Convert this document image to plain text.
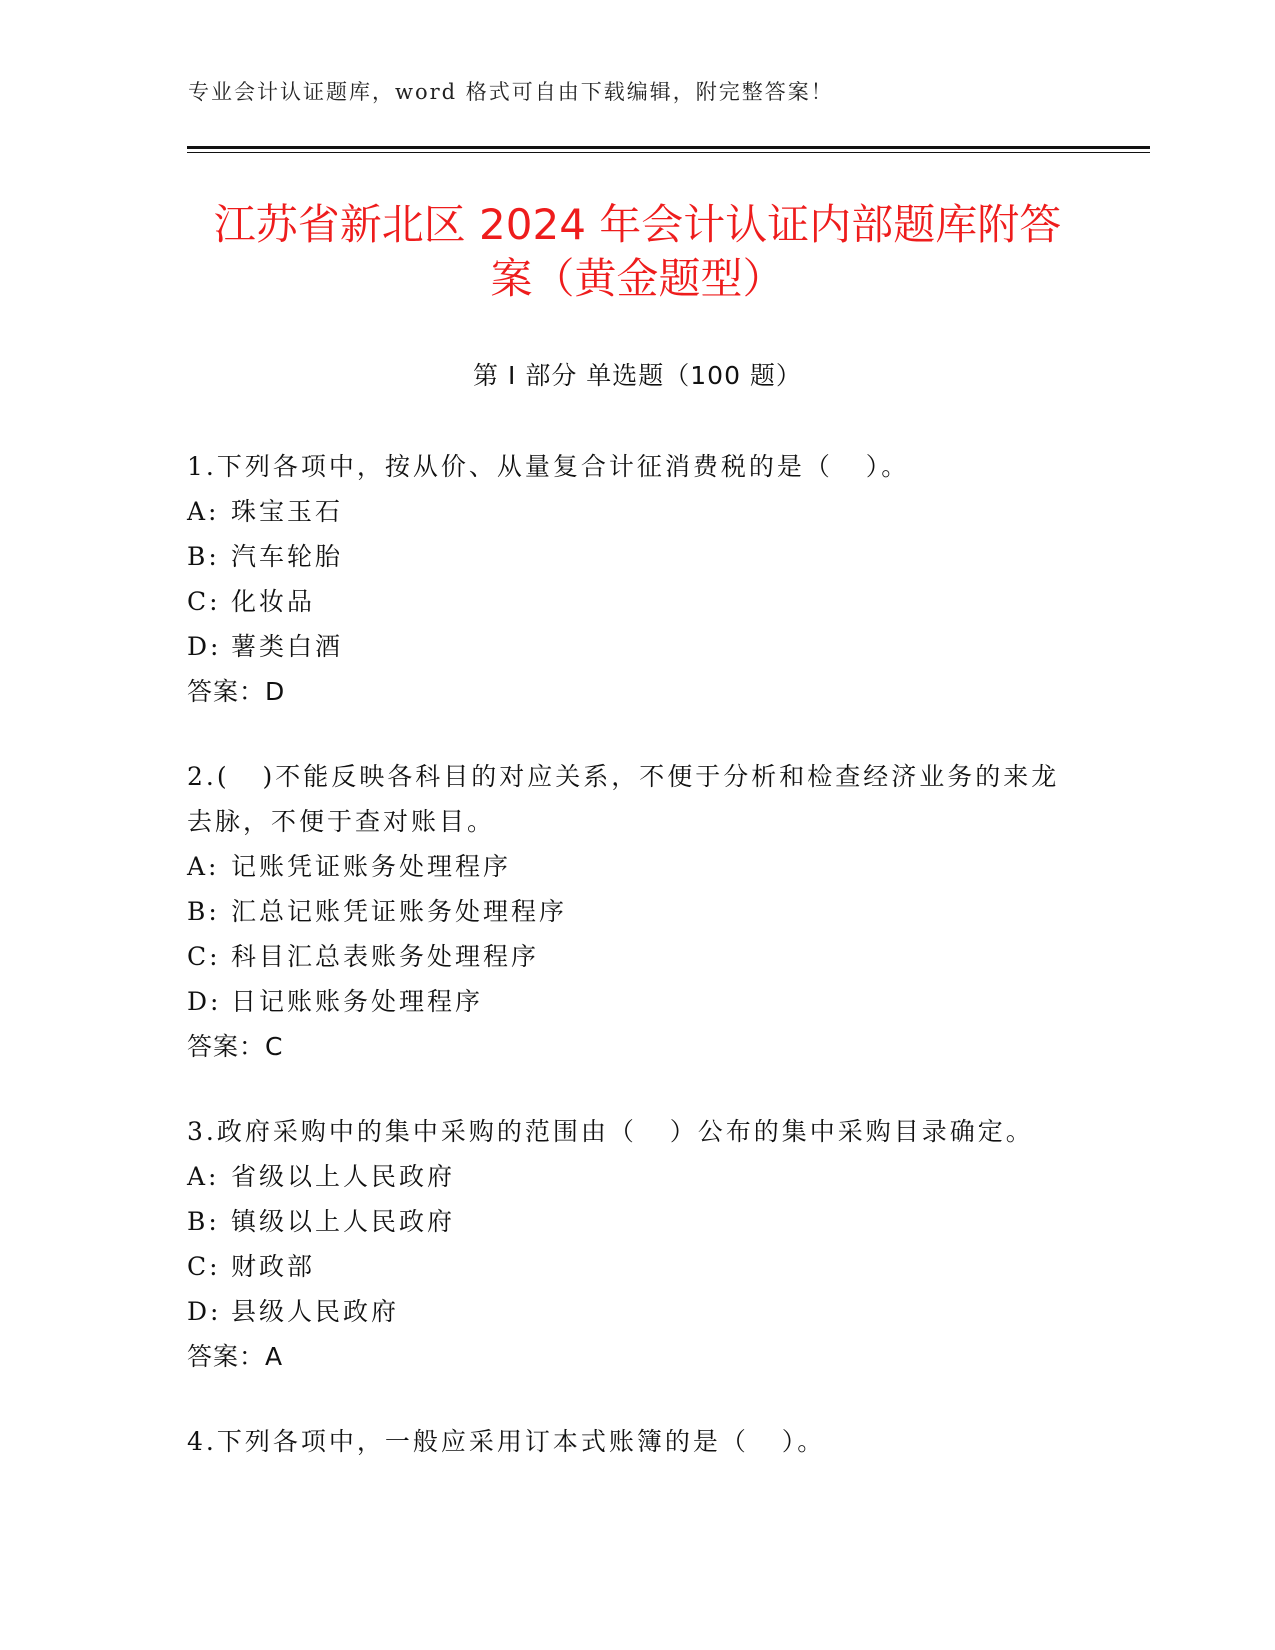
专业会计认证题库，word 格式可自由下载编辑，附完整答案！
江苏省新北区 2024 年会计认证内部题库附答
案（黄金题型）
第 I 部分 单选题（100 题）
1.下列各项中，按从价、从量复合计征消费税的是（   ）。
A: 珠宝玉石
B: 汽车轮胎
C: 化妆品
D: 薯类白酒
答案：D
2.(   )不能反映各科目的对应关系，不便于分析和检查经济业务的来龙去脉，不便于查对账目。
A: 记账凭证账务处理程序
B: 汇总记账凭证账务处理程序
C: 科目汇总表账务处理程序
D: 日记账账务处理程序
答案：C
3.政府采购中的集中采购的范围由（   ）公布的集中采购目录确定。
A: 省级以上人民政府
B: 镇级以上人民政府
C: 财政部
D: 县级人民政府
答案：A
4.下列各项中，一般应采用订本式账簿的是（   ）。
